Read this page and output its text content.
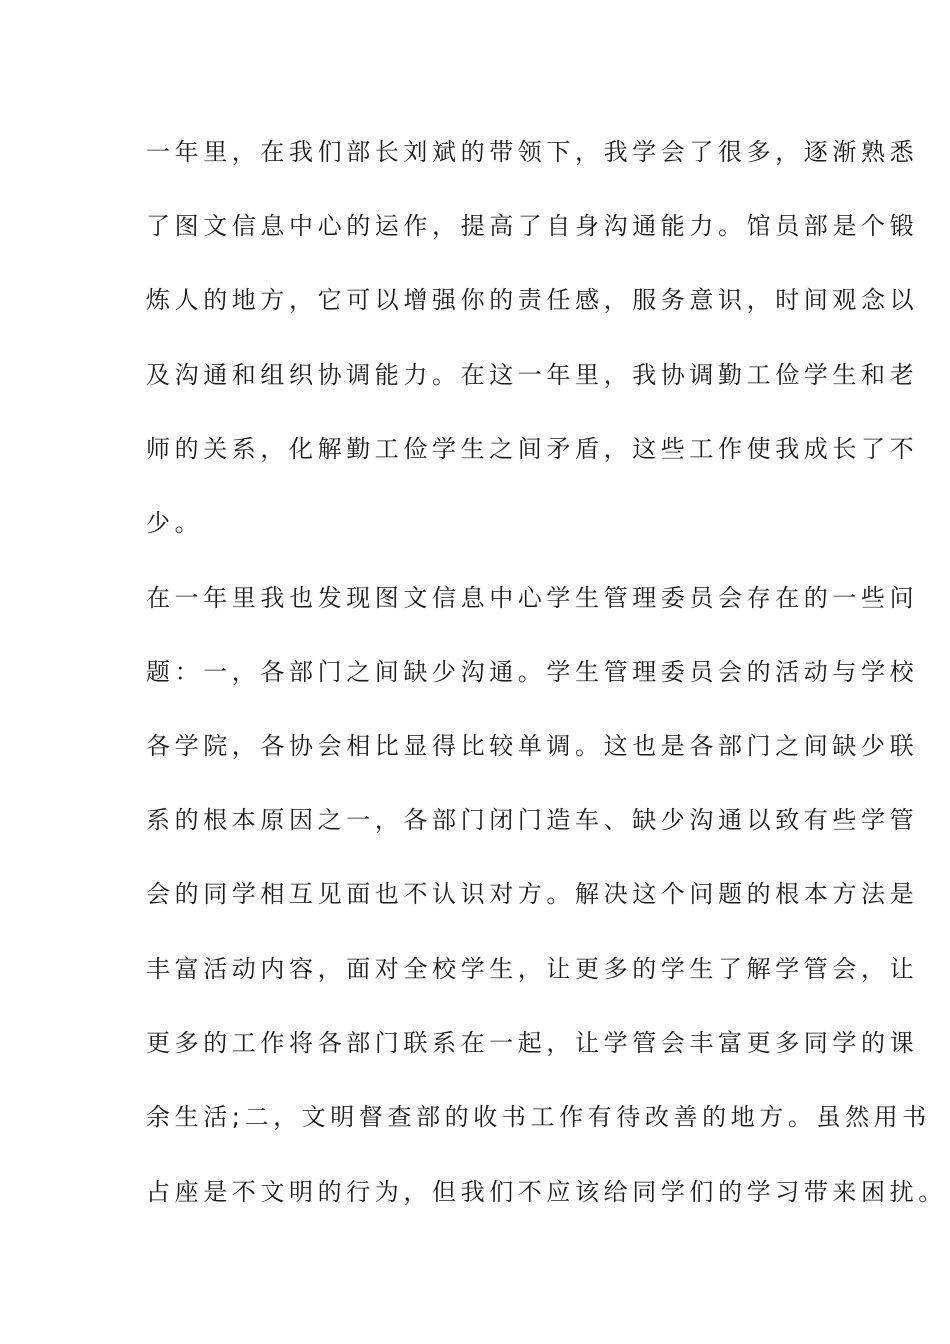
一年里，在我们部长刘斌的带领下，我学会了很多，逐渐熟悉
了图文信息中心的运作，提高了自身沟通能力。馆员部是个锻
炼人的地方，它可以增强你的责任感，服务意识，时间观念以
及沟通和组织协调能力。在这一年里，我协调勤工俭学生和老
师的关系，化解勤工俭学生之间矛盾，这些工作使我成长了不
少。
在一年里我也发现图文信息中心学生管理委员会存在的一些问
题：一，各部门之间缺少沟通。学生管理委员会的活动与学校
各学院，各协会相比显得比较单调。这也是各部门之间缺少联
系的根本原因之一，各部门闭门造车、缺少沟通以致有些学管
会的同学相互见面也不认识对方。解决这个问题的根本方法是
丰富活动内容，面对全校学生，让更多的学生了解学管会，让
更多的工作将各部门联系在一起，让学管会丰富更多同学的课
余生活;二，文明督查部的收书工作有待改善的地方。虽然用书
占座是不文明的行为，但我们不应该给同学们的学习带来困扰。
